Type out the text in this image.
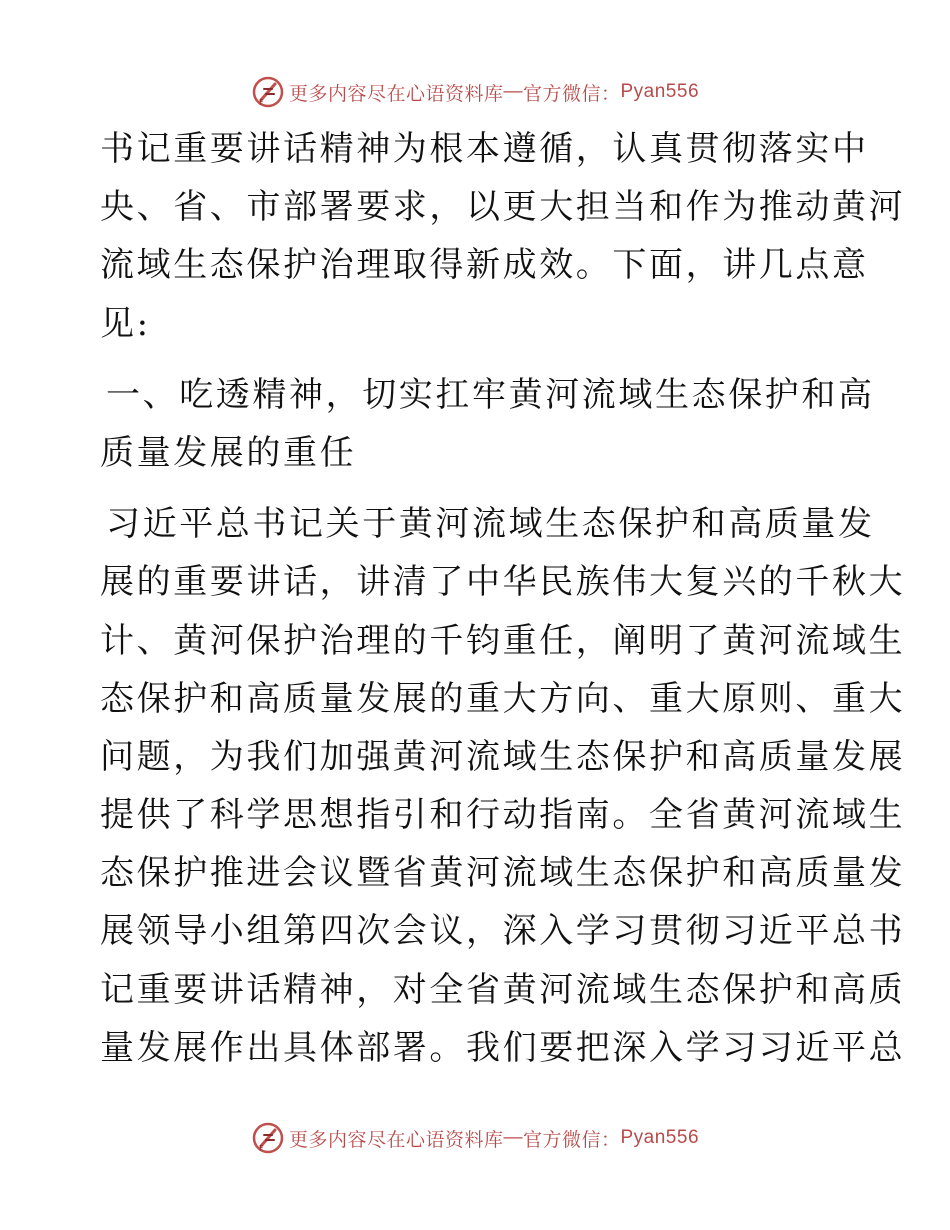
F 更多内容尽在心语资料库 — 官方微信： Pyan556
书记重要讲话精神为根本遵循，认真贯彻落实中
央、省、市部署要求，以更大担当和作为推动黄河
流域生态保护治理取得新成效。下面，讲几点意
见:
一、吃透精神，切实扛牢黄河流域生态保护和高
质量发展的重任
习近平总书记关于黄河流域生态保护和高质量发
展的重要讲话，讲清了中华民族伟大复兴的千秋大
计、黄河保护治理的千钧重任，阐明了黄河流域生
态保护和高质量发展的重大方向、重大原则、重大
问题，为我们加强黄河流域生态保护和高质量发展
提供了科学思想指引和行动指南。全省黄河流域生
态保护推进会议暨省黄河流域生态保护和高质量发
展领导小组第四次会议，深入学习贯彻习近平总书
记重要讲话精神，对全省黄河流域生态保护和高质
量发展作出具体部署。我们要把深入学习习近平总
F 更多内容尽在心语资料库 — 官方微信： Pyan556
